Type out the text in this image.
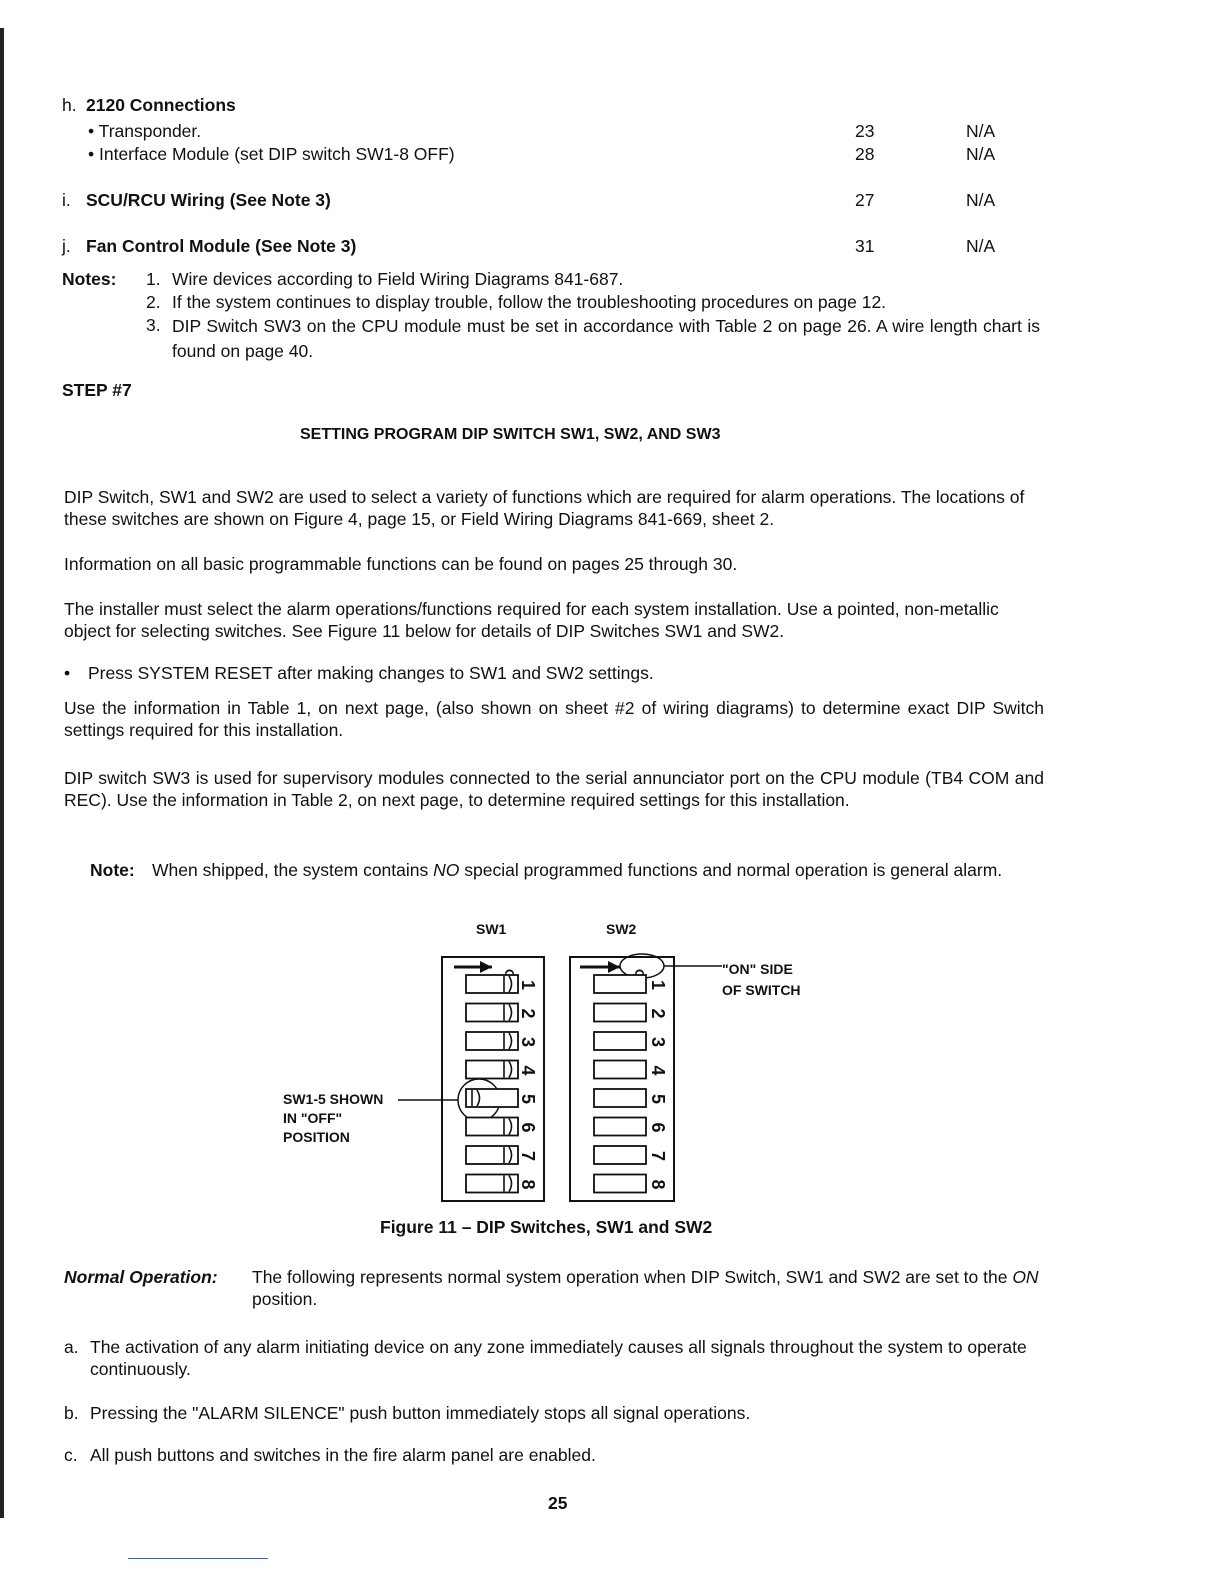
h. 2120 Connections
• Transponder.	23	N/A
• Interface Module (set DIP switch SW1-8 OFF)	28	N/A
i. SCU/RCU Wiring (See Note 3)	27	N/A
j. Fan Control Module (See Note 3)	31	N/A
Notes: 1. Wire devices according to Field Wiring Diagrams 841-687.
2. If the system continues to display trouble, follow the troubleshooting procedures on page 12.
3. DIP Switch SW3 on the CPU module must be set in accordance with Table 2 on page 26. A wire length chart is found on page 40.
STEP #7
SETTING PROGRAM DIP SWITCH SW1, SW2, AND SW3
DIP Switch, SW1 and SW2 are used to select a variety of functions which are required for alarm operations. The locations of these switches are shown on Figure 4, page 15, or Field Wiring Diagrams 841-669, sheet 2.
Information on all basic programmable functions can be found on pages 25 through 30.
The installer must select the alarm operations/functions required for each system installation. Use a pointed, non-metallic object for selecting switches. See Figure 11 below for details of DIP Switches SW1 and SW2.
• Press SYSTEM RESET after making changes to SW1 and SW2 settings.
Use the information in Table 1, on next page, (also shown on sheet #2 of wiring diagrams) to determine exact DIP Switch settings required for this installation.
DIP switch SW3 is used for supervisory modules connected to the serial annunciator port on the CPU module (TB4 COM and REC). Use the information in Table 2, on next page, to determine required settings for this installation.
Note: When shipped, the system contains NO special programmed functions and normal operation is general alarm.
SW1	SW2
"ON" SIDE
OF SWITCH
SW1-5 SHOWN
IN "OFF"
POSITION
1
2
3
4
5
6
7
8
1
2
3
4
5
6
7
8
Figure 11 – DIP Switches, SW1 and SW2
Normal Operation: The following represents normal system operation when DIP Switch, SW1 and SW2 are set to the ON position.
a. The activation of any alarm initiating device on any zone immediately causes all signals throughout the system to operate continuously.
b. Pressing the "ALARM SILENCE" push button immediately stops all signal operations.
c. All push buttons and switches in the fire alarm panel are enabled.
25
